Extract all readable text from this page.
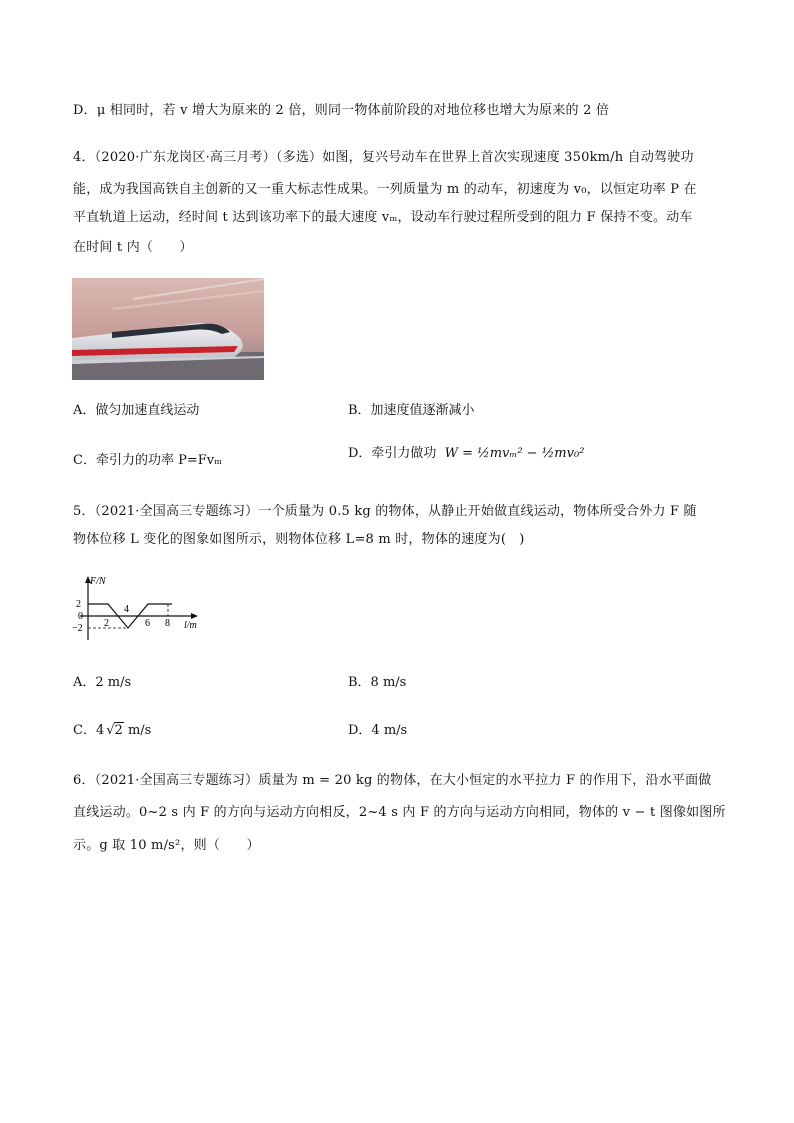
D．μ 相同时，若 v 增大为原来的 2 倍，则同一物体前阶段的对地位移也增大为原来的 2 倍
4．（2020·广东龙岗区·高三月考）（多选）如图，复兴号动车在世界上首次实现速度 350km/h 自动驾驶功
能，成为我国高铁自主创新的又一重大标志性成果。一列质量为 m 的动车，初速度为 v₀，以恒定功率 P 在
平直轨道上运动，经时间 t 达到该功率下的最大速度 vₘ，设动车行驶过程所受到的阻力 F 保持不变。动车
在时间 t 内（　　）
A．做匀加速直线运动	B．加速度值逐渐减小
C．牵引力的功率 P=Fvₘ	D．牵引力做功 W = ½mvₘ² − ½mv₀²
5．（2021·全国高三专题练习）一个质量为 0.5 kg 的物体，从静止开始做直线运动，物体所受合外力 F 随
物体位移 L 变化的图象如图所示，则物体位移 L=8 m 时，物体的速度为(　)
F/N
l/m
2
0
−2 2
4
6 8
A．2 m/s	B．8 m/s
C．4 √2 m/s	D．4 m/s
6．（2021·全国高三专题练习）质量为 m = 20 kg 的物体，在大小恒定的水平拉力 F 的作用下，沿水平面做
直线运动。0~2 s 内 F 的方向与运动方向相反，2~4 s 内 F 的方向与运动方向相同，物体的 v − t 图像如图所
示。g 取 10 m/s²，则（　　）
